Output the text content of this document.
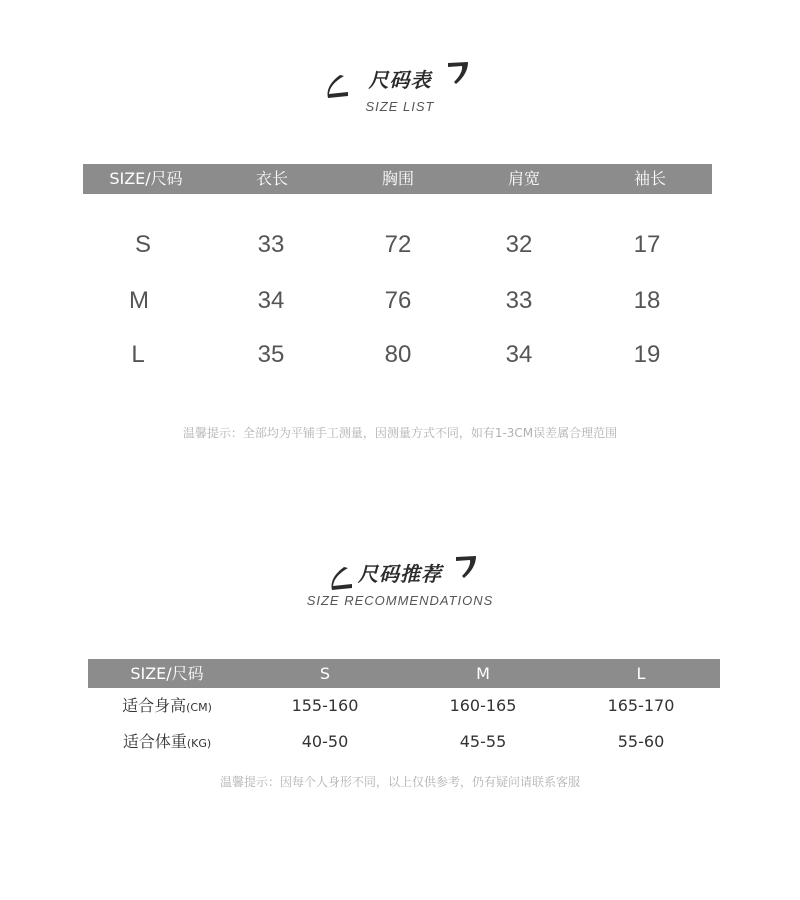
尺码表
SIZE LIST
SIZE/尺码	衣长	胸围	肩宽	袖长
S	33	72	32	17
M	34	76	33	18
L	35	80	34	19
温馨提示：全部均为平铺手工测量，因测量方式不同，如有1-3CM误差属合理范围
尺码推荐
SIZE RECOMMENDATIONS
SIZE/尺码	S	M	L
适合身高(CM)	155-160	160-165	165-170
适合体重(KG)	40-50	45-55	55-60
温馨提示：因每个人身形不同，以上仅供参考，仍有疑问请联系客服
